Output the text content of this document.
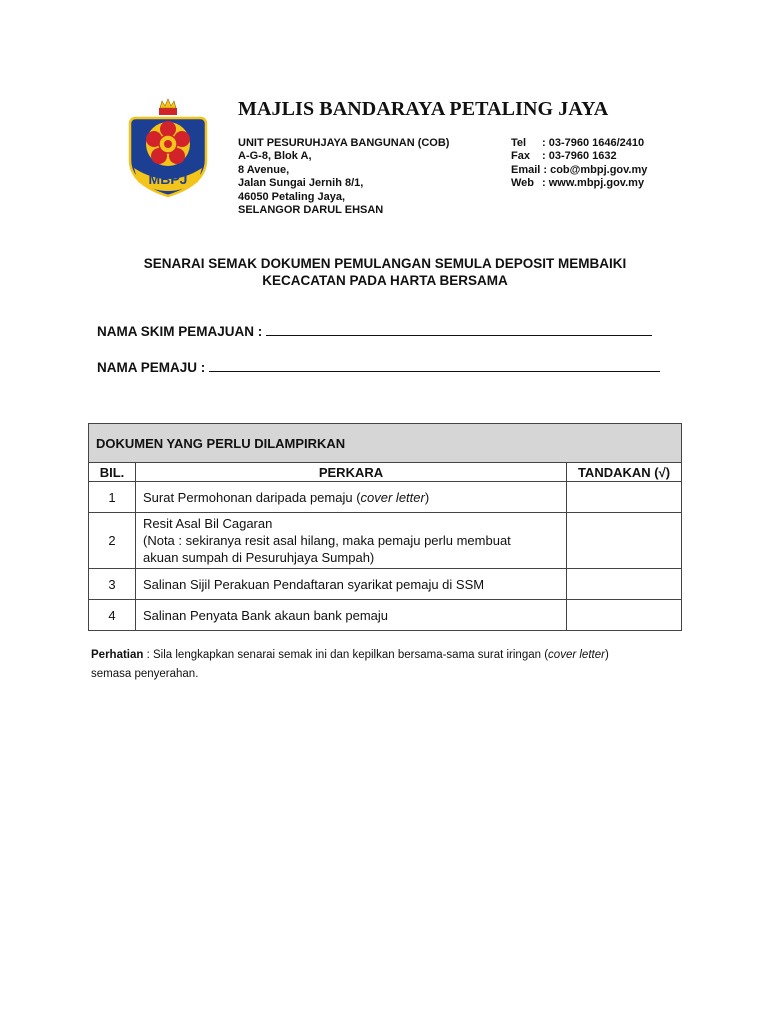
MBPJ
MAJLIS BANDARAYA PETALING JAYA
UNIT PESURUHJAYA BANGUNAN (COB)
A-G-8, Blok A,
8 Avenue,
Jalan Sungai Jernih 8/1,
46050 Petaling Jaya,
SELANGOR DARUL EHSAN
Tel : 03-7960 1646/2410
Fax : 03-7960 1632
Email : cob@mbpj.gov.my
Web : www.mbpj.gov.my
SENARAI SEMAK DOKUMEN PEMULANGAN SEMULA DEPOSIT MEMBAIKI
KECACATAN PADA HARTA BERSAMA
NAMA SKIM PEMAJUAN :
NAMA PEMAJU :
DOKUMEN YANG PERLU DILAMPIRKAN		
BIL.	PERKARA	TANDAKAN (√)
1	Surat Permohonan daripada pemaju (cover letter)	
2	Resit Asal Bil Cagaran
(Nota : sekiranya resit asal hilang, maka pemaju perlu membuat
akuan sumpah di Pesuruhjaya Sumpah)	

3	Salinan Sijil Perakuan Pendaftaran syarikat pemaju di SSM	
4	Salinan Penyata Bank akaun bank pemaju	
Perhatian : Sila lengkapkan senarai semak ini dan kepilkan bersama-sama surat iringan (cover letter)
semasa penyerahan.
